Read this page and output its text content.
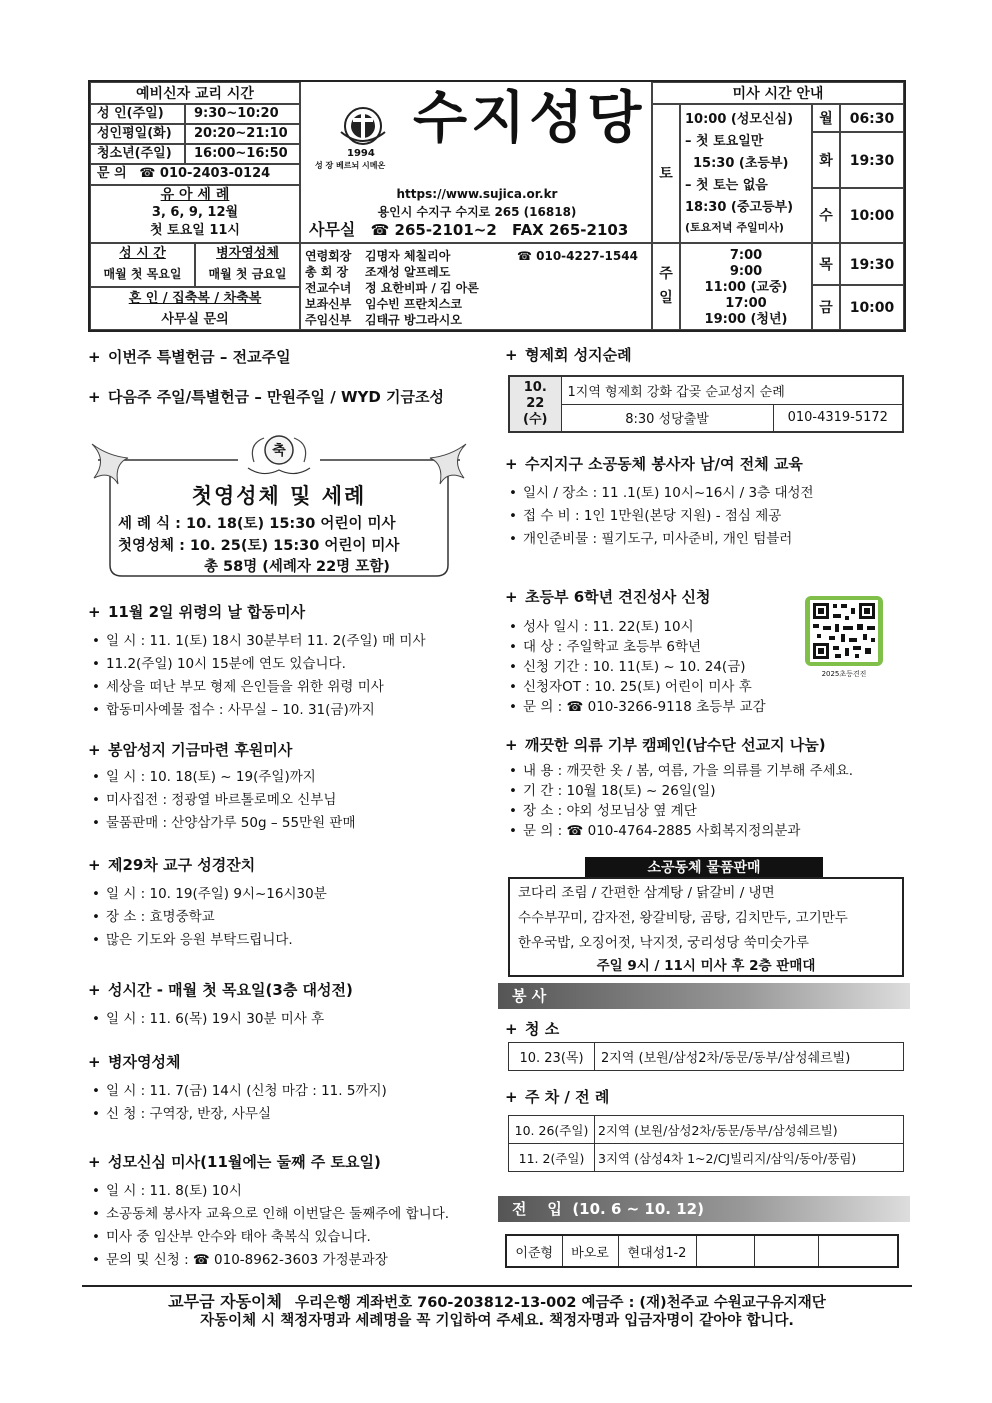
예비신자 교리 시간
성 인(주일)	9:30~10:20
성인평일(화)	20:20~21:10
청소년(주일)	16:00~16:50
문 의 ☎ 010-2403-0124
유 아 세 례
3, 6, 9, 12월
첫 토요일 11시
성 시 간
매월 첫 목요일
병자영성체
매월 첫 금요일
혼 인 / 집축복 / 차축복
사무실 문의
1994
성 장 베르뇌 시메온
수지성당
https://www.sujica.or.kr
용인시 수지구 수지로 265 (16818)
사무실 ☎ 265-2101~2 FAX 265-2103
연령회장 김명자 체칠리아	☎ 010-4227-1544
총 회 장 조재성 알프레도
전교수녀 정 요한비파 / 김 아론
보좌신부 임수빈 프란치스코
주임신부 김태규 방그라시오
미사 시간 안내
토
10:00 (성모신심)
– 첫 토요일만
15:30 (초등부)
– 첫 토는 없음
18:30 (중고등부)
(토요저녁 주일미사)
주
일
7:00
9:00
11:00 (교중)
17:00
19:00 (청년)
월	06:30
화	19:30
수	10:00
목	19:30
금	10:00
+ 이번주 특별헌금 – 전교주일
+ 다음주 주일/특별헌금 – 만원주일 / WYD 기금조성
축
첫영성체 및 세례
세 례 식 : 10. 18(토) 15:30 어린이 미사
첫영성체 : 10. 25(토) 15:30 어린이 미사
총 58명 (세례자 22명 포함)
+ 11월 2일 위령의 날 합동미사
• 일 시 : 11. 1(토) 18시 30분부터 11. 2(주일) 매 미사
• 11.2(주일) 10시 15분에 연도 있습니다.
• 세상을 떠난 부모 형제 은인들을 위한 위령 미사
• 합동미사예물 접수 : 사무실 – 10. 31(금)까지
+ 봉암성지 기금마련 후원미사
• 일 시 : 10. 18(토) ~ 19(주일)까지
• 미사집전 : 정광열 바르톨로메오 신부님
• 물품판매 : 산양삼가루 50g – 55만원 판매
+ 제29차 교구 성경잔치
• 일 시 : 10. 19(주일) 9시~16시30분
• 장 소 : 효명중학교
• 많은 기도와 응원 부탁드립니다.
+ 성시간 - 매월 첫 목요일(3층 대성전)
• 일 시 : 11. 6(목) 19시 30분 미사 후
+ 병자영성체
• 일 시 : 11. 7(금) 14시 (신청 마감 : 11. 5까지)
• 신 청 : 구역장, 반장, 사무실
+ 성모신심 미사(11월에는 둘째 주 토요일)
• 일 시 : 11. 8(토) 10시
• 소공동체 봉사자 교육으로 인해 이번달은 둘째주에 합니다.
• 미사 중 임산부 안수와 태아 축복식 있습니다.
• 문의 및 신청 : ☎ 010-8962-3603 가정분과장
+ 형제회 성지순례
10. 22
(수)	1지역 형제회 강화 갑곶 순교성지 순례	
	8:30 성당출발	010-4319-5172
+ 수지지구 소공동체 봉사자 남/여 전체 교육
• 일시 / 장소 : 11 .1(토) 10시~16시 / 3층 대성전
• 접 수 비 : 1인 1만원(본당 지원) - 점심 제공
• 개인준비물 : 필기도구, 미사준비, 개인 텀블러
+ 초등부 6학년 견진성사 신청
• 성사 일시 : 11. 22(토) 10시
• 대 상 : 주일학교 초등부 6학년
• 신청 기간 : 10. 11(토) ~ 10. 24(금)
• 신청자OT : 10. 25(토) 어린이 미사 후
• 문 의 : ☎ 010-3266-9118 초등부 교감
2025초등견진
+ 깨끗한 의류 기부 캠페인(남수단 선교지 나눔)
• 내 용 : 깨끗한 옷 / 봄, 여름, 가을 의류를 기부해 주세요.
• 기 간 : 10월 18(토) ~ 26일(일)
• 장 소 : 야외 성모님상 옆 계단
• 문 의 : ☎ 010-4764-2885 사회복지정의분과
소공동체 물품판매
코다리 조림 / 간편한 삼계탕 / 닭갈비 / 냉면
수수부꾸미, 감자전, 왕갈비탕, 곰탕, 김치만두, 고기만두
한우국밥, 오징어젓, 낙지젓, 궁리성당 쑥미숫가루
주일 9시 / 11시 미사 후 2층 판매대
봉 사
+ 청 소
10. 23(목)	2지역 (보원/삼성2차/동문/동부/삼성쉐르빌)
+ 주 차 / 전 례
10. 26(주일)	2지역 (보원/삼성2차/동문/동부/삼성쉐르빌)
11. 2(주일)	3지역 (삼성4차 1~2/CJ빌리지/삼익/동아/풍림)
전    입  (10. 6 ~ 10. 12)
이준형	바오로	현대성1-2			
교무금 자동이체 우리은행 계좌번호 760-203812-13-002 예금주 : (재)천주교 수원교구유지재단
자동이체 시 책정자명과 세례명을 꼭 기입하여 주세요. 책정자명과 입금자명이 같아야 합니다.
